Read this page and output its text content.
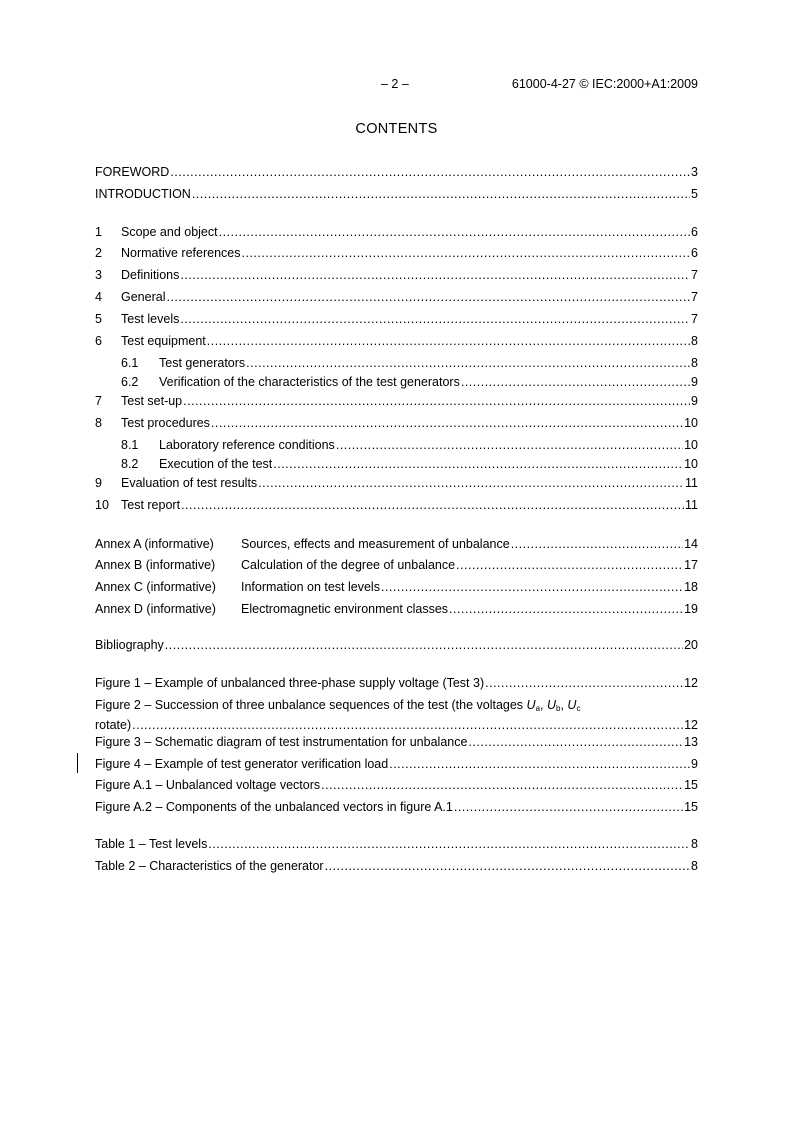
– 2 –	61000-4-27 © IEC:2000+A1:2009
CONTENTS
FOREWORD .....	3
INTRODUCTION .....	5
1	Scope and object .....	6
2	Normative references .....	6
3	Definitions .....	7
4	General .....	7
5	Test levels .....	7
6	Test equipment .....	8
6.1	Test generators .....	8
6.2	Verification of the characteristics of the test generators .....	9
7	Test set-up .....	9
8	Test procedures .....	10
8.1	Laboratory reference conditions .....	10
8.2	Execution of the test .....	10
9	Evaluation of test results .....	11
10 Test report .....	11
Annex A (informative)	Sources, effects and measurement of unbalance .....	14
Annex B (informative)	Calculation of the degree of unbalance .....	17
Annex C (informative)	Information on test levels .....	18
Annex D (informative)	Electromagnetic environment classes .....	19
Bibliography .....	20
Figure 1 – Example of unbalanced three-phase supply voltage (Test 3) .....	12
Figure 2 – Succession of three unbalance sequences of the test (the voltages $U_a$, $U_b$, $U_c$
rotate) .....	12
Figure 3 – Schematic diagram of test instrumentation for unbalance .....	13
Figure 4 – Example of test generator verification load .....	9
Figure A.1 – Unbalanced voltage vectors .....	15
Figure A.2 – Components of the unbalanced vectors in figure A.1 .....	15
Table 1 – Test levels .....	8
Table 2 – Characteristics of the generator .....	8
